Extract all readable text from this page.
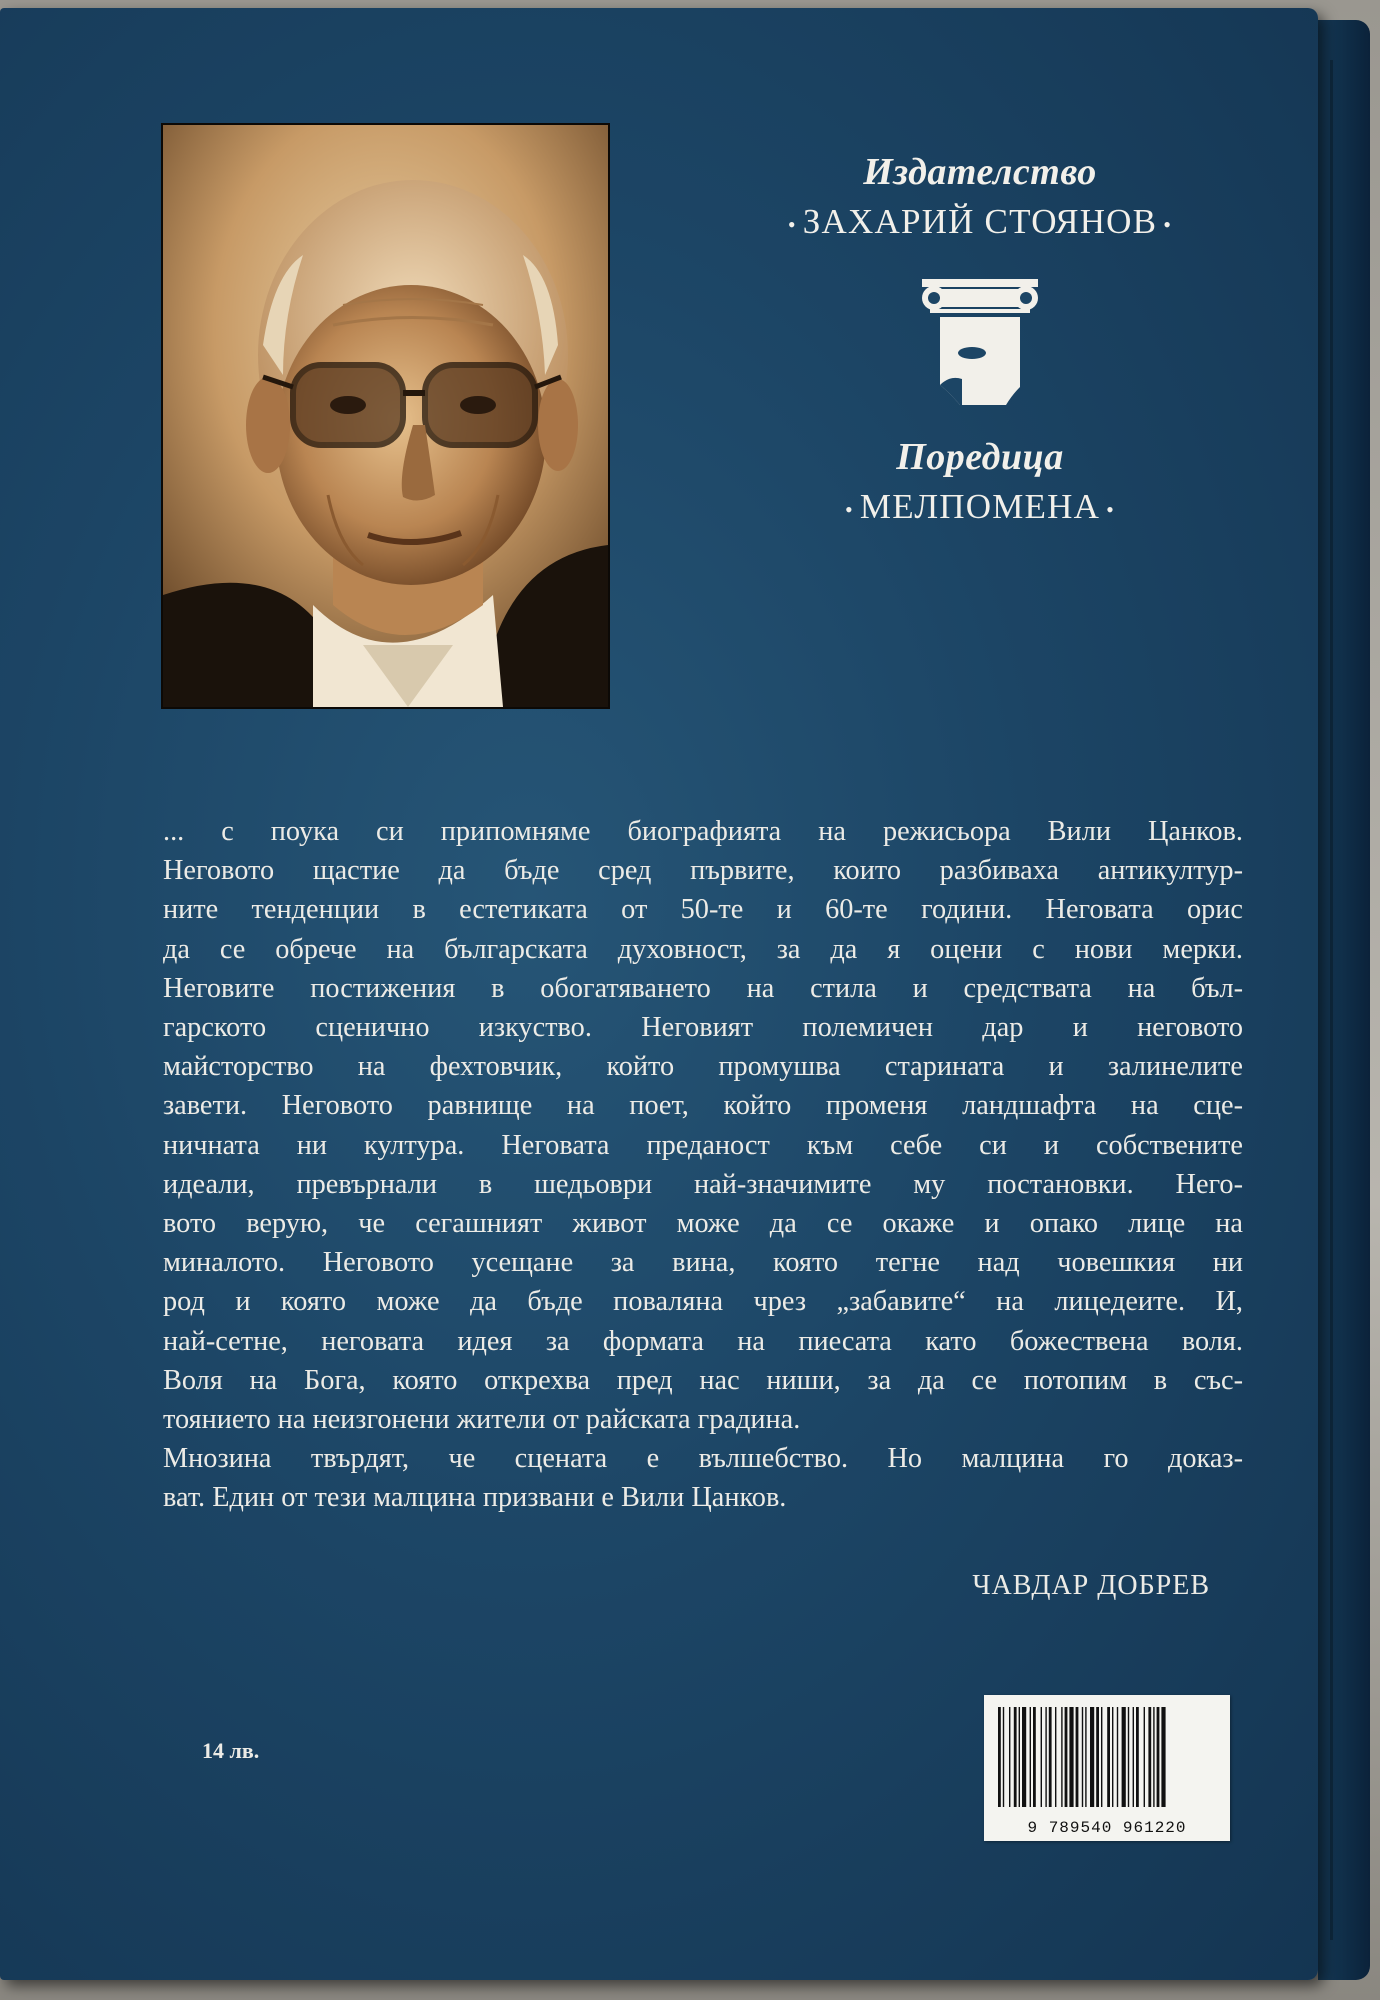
Издателство
• ЗАХАРИЙ СТОЯНОВ •
Поредица
• МЕЛПОМЕНА •
... с поука си припомняме биографията на режисьора Вили Цанков.
Неговото щастие да бъде сред първите, които разбиваха антикултур-
ните тенденции в естетиката от 50-те и 60-те години. Неговата орис
да се обрече на българската духовност, за да я оцени с нови мерки.
Неговите постижения в обогатяването на стила и средствата на бъл-
гарското сценично изкуство. Неговият полемичен дар и неговото
майсторство на фехтовчик, който промушва старината и залинелите
завети. Неговото равнище на поет, който променя ландшафта на сце-
ничната ни култура. Неговата преданост към себе си и собствените
идеали, превърнали в шедьоври най-значимите му постановки. Него-
вото верую, че сегашният живот може да се окаже и опако лице на
миналото. Неговото усещане за вина, която тегне над човешкия ни
род и която може да бъде поваляна чрез „забавите“ на лицедеите. И,
най-сетне, неговата идея за формата на пиесата като божествена воля.
Воля на Бога, която открехва пред нас ниши, за да се потопим в със-
тоянието на неизгонени жители от райската градина.
Мнозина твърдят, че сцената е вълшебство. Но малцина го доказ-
ват. Един от тези малцина призвани е Вили Цанков.
ЧАВДАР ДОБРЕВ
14 лв.
9 789540 961220
